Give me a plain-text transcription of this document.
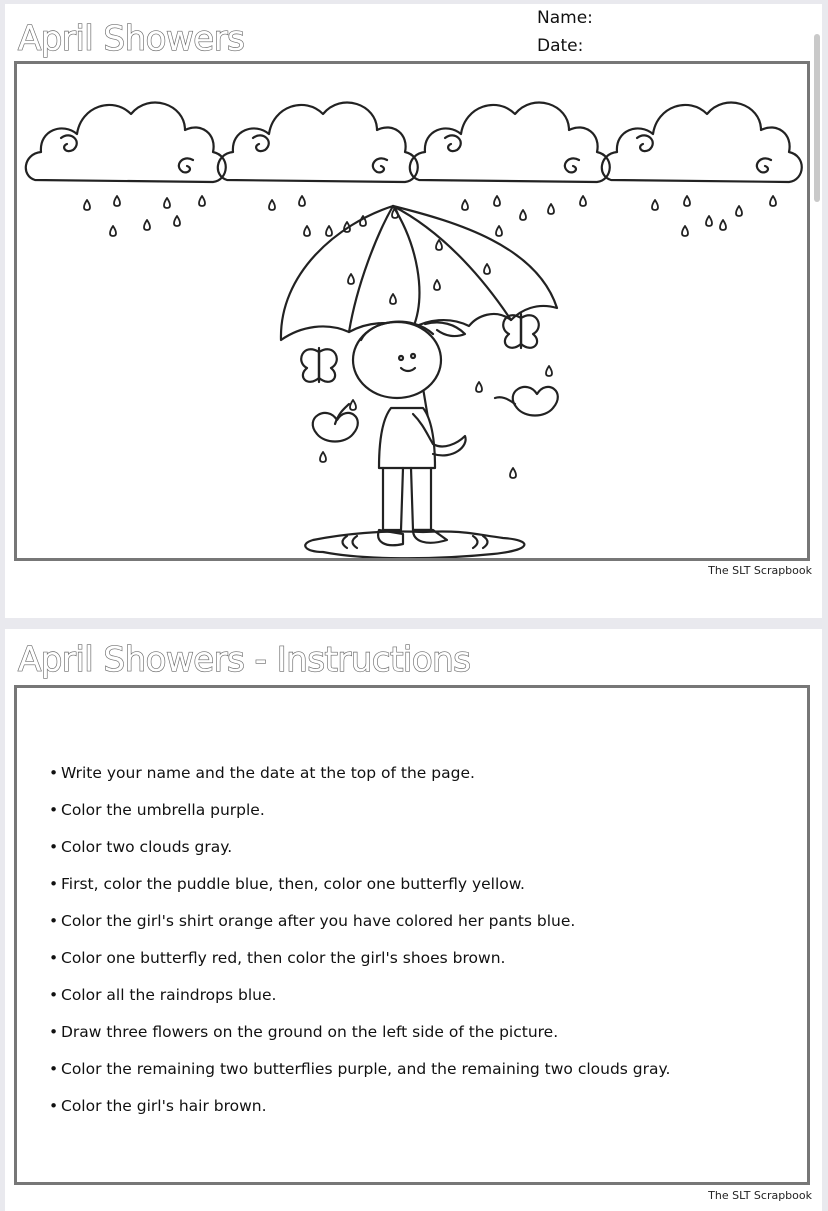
April Showers
Name:
Date:
The SLT Scrapbook
April Showers - Instructions
• Write your name and the date at the top of the page.
• Color the umbrella purple.
• Color two clouds gray.
• First, color the puddle blue, then, color one butterfly yellow.
• Color the girl's shirt orange after you have colored her pants blue.
• Color one butterfly red, then color the girl's shoes brown.
• Color all the raindrops blue.
• Draw three flowers on the ground on the left side of the picture.
• Color the remaining two butterflies purple, and the remaining two clouds gray.
• Color the girl's hair brown.
The SLT Scrapbook
